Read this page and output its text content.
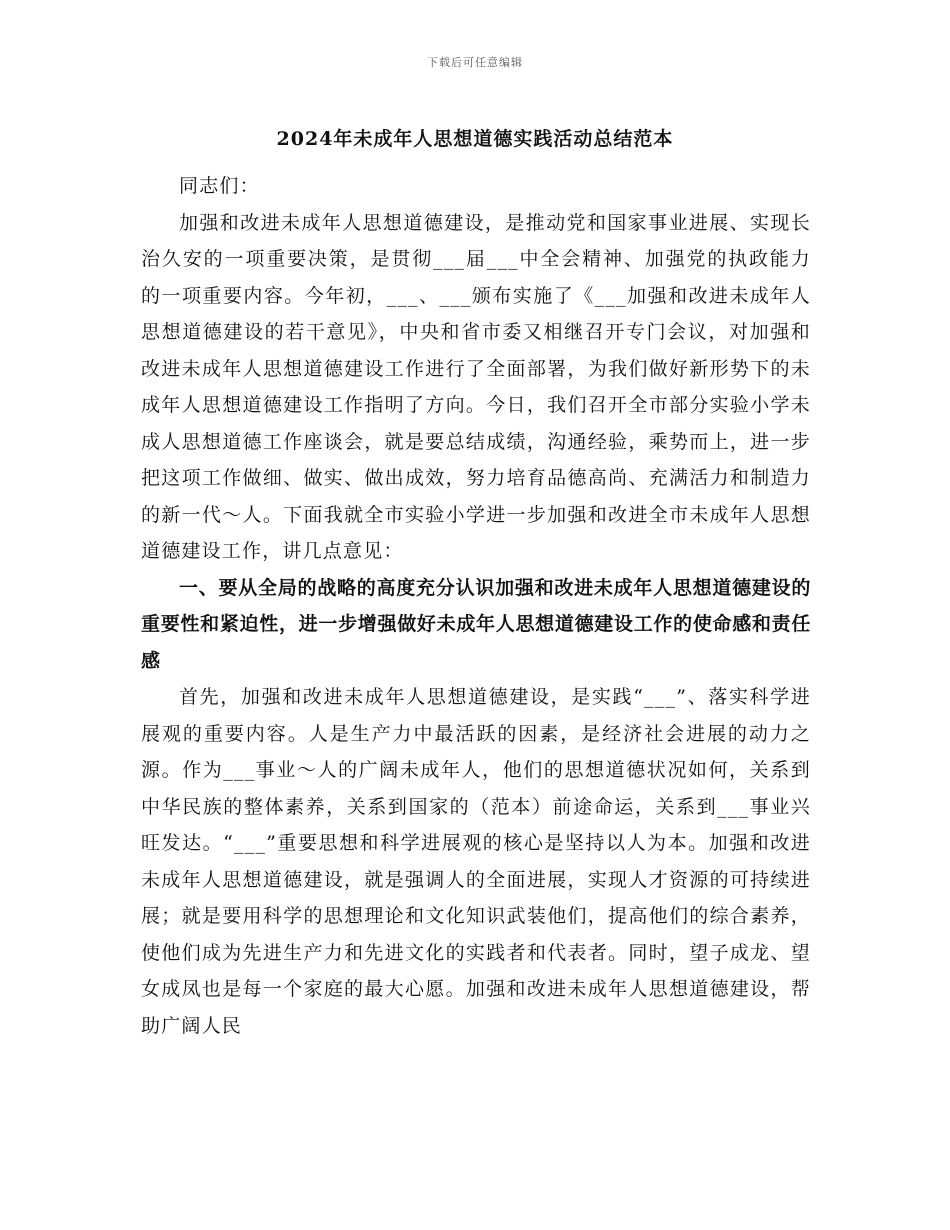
下载后可任意编辑
2024年未成年人思想道德实践活动总结范本

同志们：

加强和改进未成年人思想道德建设，是推动党和国家事业进展、实现长治久安的一项重要决策，是贯彻___届___中全会精神、加强党的执政能力的一项重要内容。今年初，___、___颁布实施了《___加强和改进未成年人思想道德建设的若干意见》，中央和省市委又相继召开专门会议，对加强和改进未成年人思想道德建设工作进行了全面部署，为我们做好新形势下的未成年人思想道德建设工作指明了方向。今日，我们召开全市部分实验小学未成人思想道德工作座谈会，就是要总结成绩，沟通经验，乘势而上，进一步把这项工作做细、做实、做出成效，努力培育品德高尚、充满活力和制造力的新一代～人。下面我就全市实验小学进一步加强和改进全市未成年人思想道德建设工作，讲几点意见：

一、要从全局的战略的高度充分认识加强和改进未成年人思想道德建设的重要性和紧迫性，进一步增强做好未成年人思想道德建设工作的使命感和责任感

首先，加强和改进未成年人思想道德建设，是实践“___”、落实科学进展观的重要内容。人是生产力中最活跃的因素，是经济社会进展的动力之源。作为___事业～人的广阔未成年人，他们的思想道德状况如何，关系到中华民族的整体素养，关系到国家的（范本）前途命运，关系到___事业兴旺发达。“___”重要思想和科学进展观的核心是坚持以人为本。加强和改进未成年人思想道德建设，就是强调人的全面进展，实现人才资源的可持续进展；就是要用科学的思想理论和文化知识武装他们，提高他们的综合素养，使他们成为先进生产力和先进文化的实践者和代表者。同时，望子成龙、望女成凤也是每一个家庭的最大心愿。加强和改进未成年人思想道德建设，帮助广阔人民
